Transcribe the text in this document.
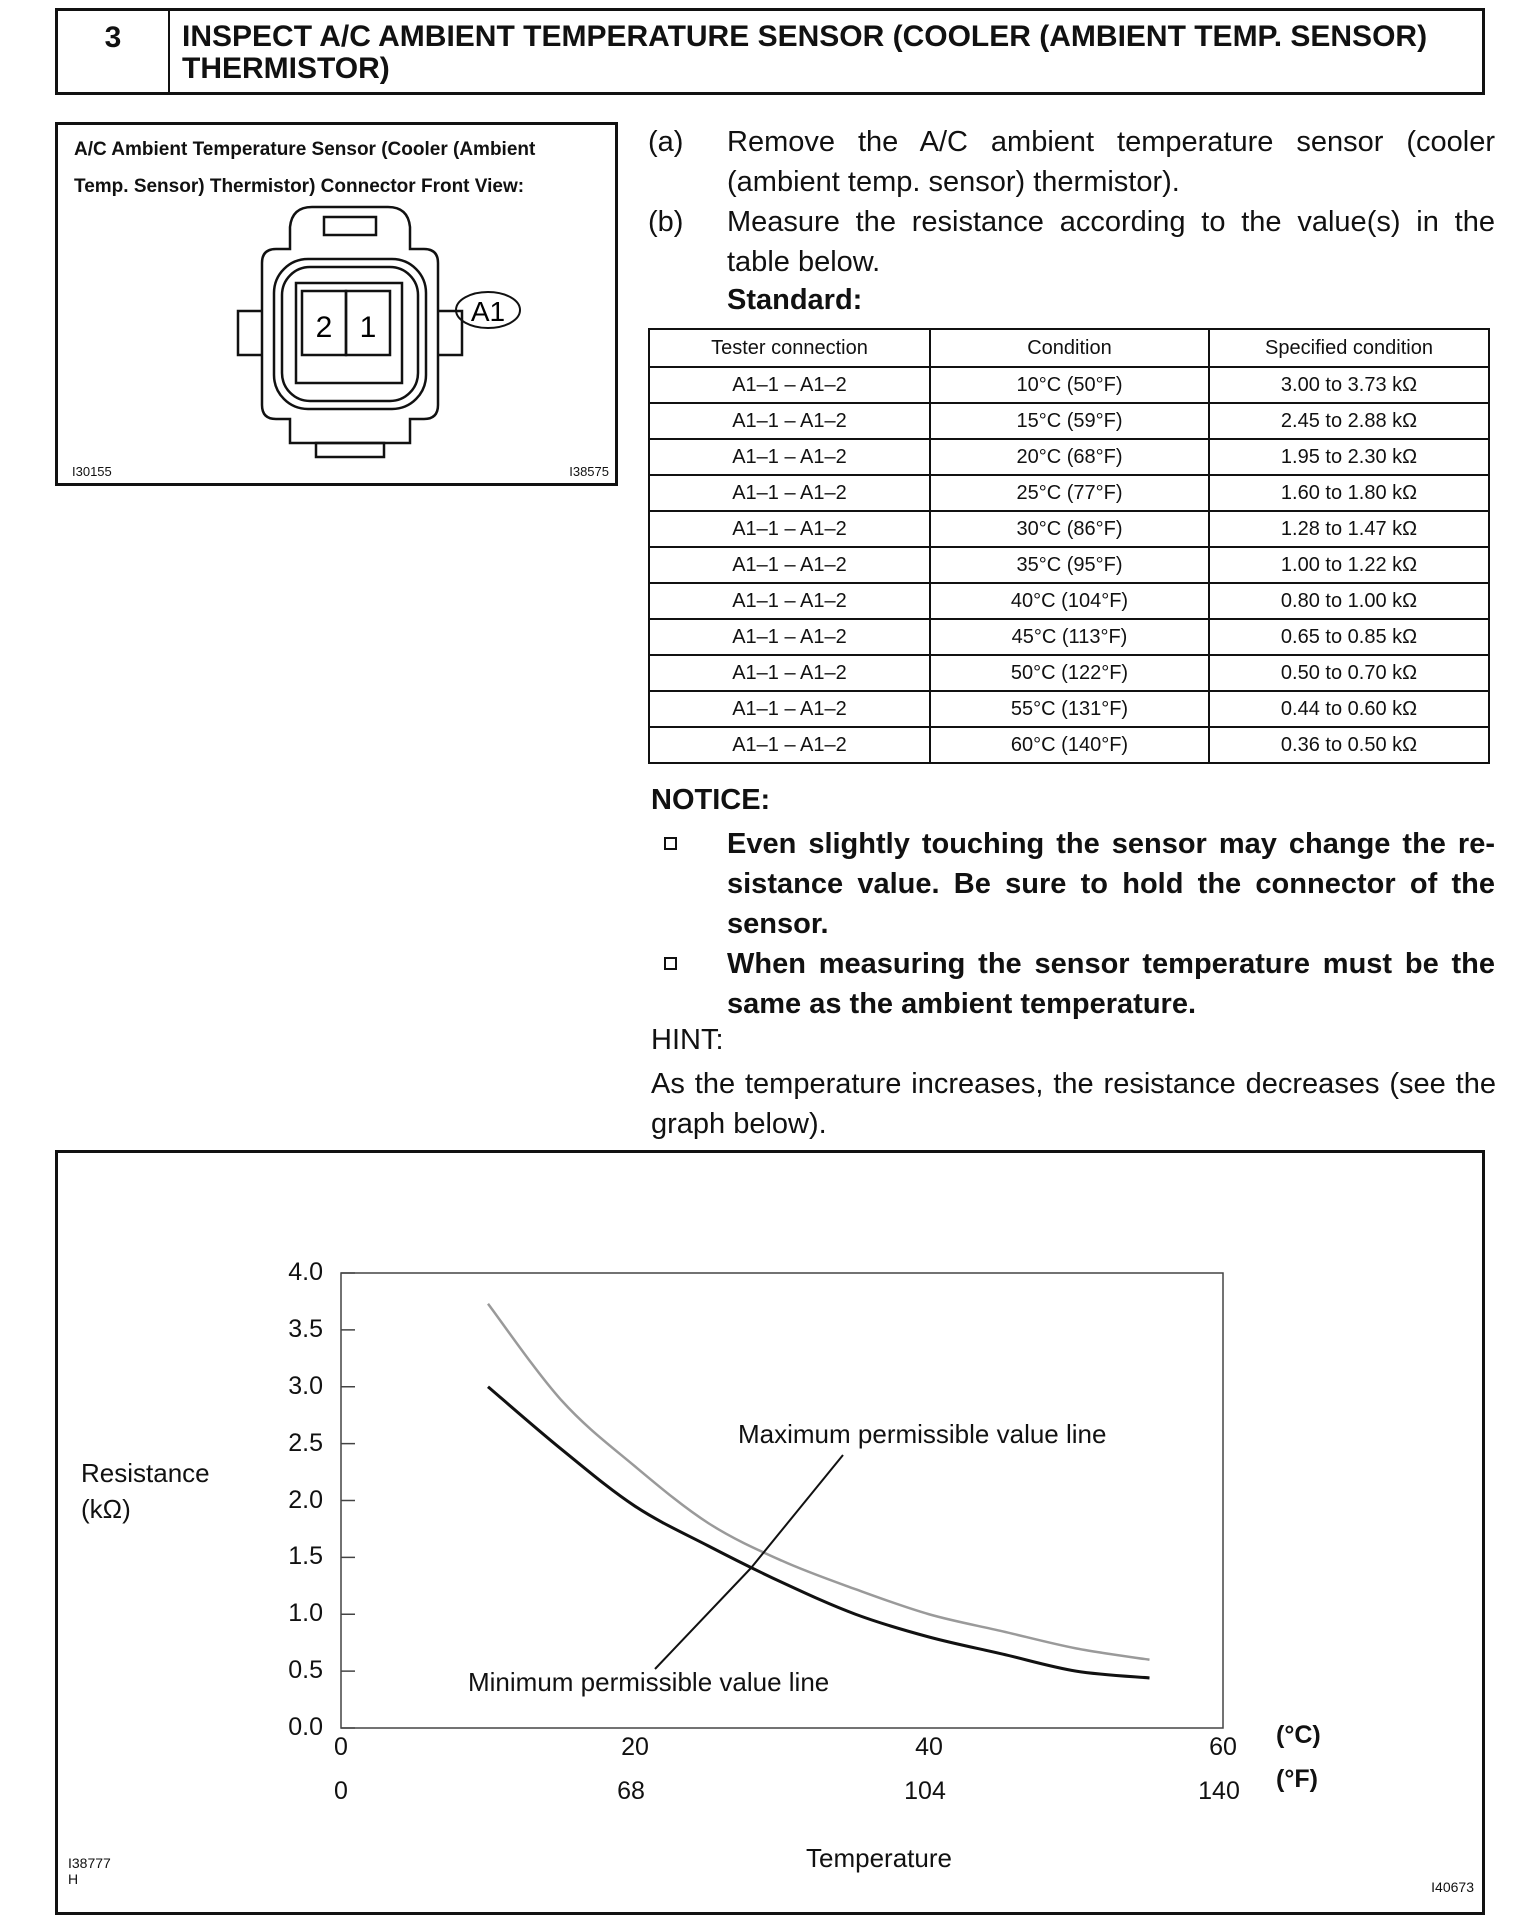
3	INSPECT A/C AMBIENT TEMPERATURE SENSOR (COOLER (AMBIENT TEMP. SENSOR) THERMISTOR)
A/C Ambient Temperature Sensor (Cooler (Ambient
Temp. Sensor) Thermistor) Connector Front View:
2 1	A1
I30155	I38575
(a) Remove the A/C ambient temperature sensor (cooler (ambient temp. sensor) thermistor).
(b) Measure the resistance according to the value(s) in the table below.
Standard:
Tester connection	Condition	Specified condition
A1–1 – A1–2	10°C (50°F)	3.00 to 3.73 kΩ
A1–1 – A1–2	15°C (59°F)	2.45 to 2.88 kΩ
A1–1 – A1–2	20°C (68°F)	1.95 to 2.30 kΩ
A1–1 – A1–2	25°C (77°F)	1.60 to 1.80 kΩ
A1–1 – A1–2	30°C (86°F)	1.28 to 1.47 kΩ
A1–1 – A1–2	35°C (95°F)	1.00 to 1.22 kΩ
A1–1 – A1–2	40°C (104°F)	0.80 to 1.00 kΩ
A1–1 – A1–2	45°C (113°F)	0.65 to 0.85 kΩ
A1–1 – A1–2	50°C (122°F)	0.50 to 0.70 kΩ
A1–1 – A1–2	55°C (131°F)	0.44 to 0.60 kΩ
A1–1 – A1–2	60°C (140°F)	0.36 to 0.50 kΩ
NOTICE:
Even slightly touching the sensor may change the re-sistance value. Be sure to hold the connector of the sensor.
When measuring the sensor temperature must be the same as the ambient temperature.
HINT:
As the temperature increases, the resistance decreases (see the graph below).
4.0
3.5
3.0
2.5
2.0
1.5
1.0
0.5
0.0
0	20	40	60
0	68	104	140
Resistance
(kΩ)
Maximum permissible value line
Minimum permissible value line
(°C)
(°F)
Temperature
I38777
H	I40673
